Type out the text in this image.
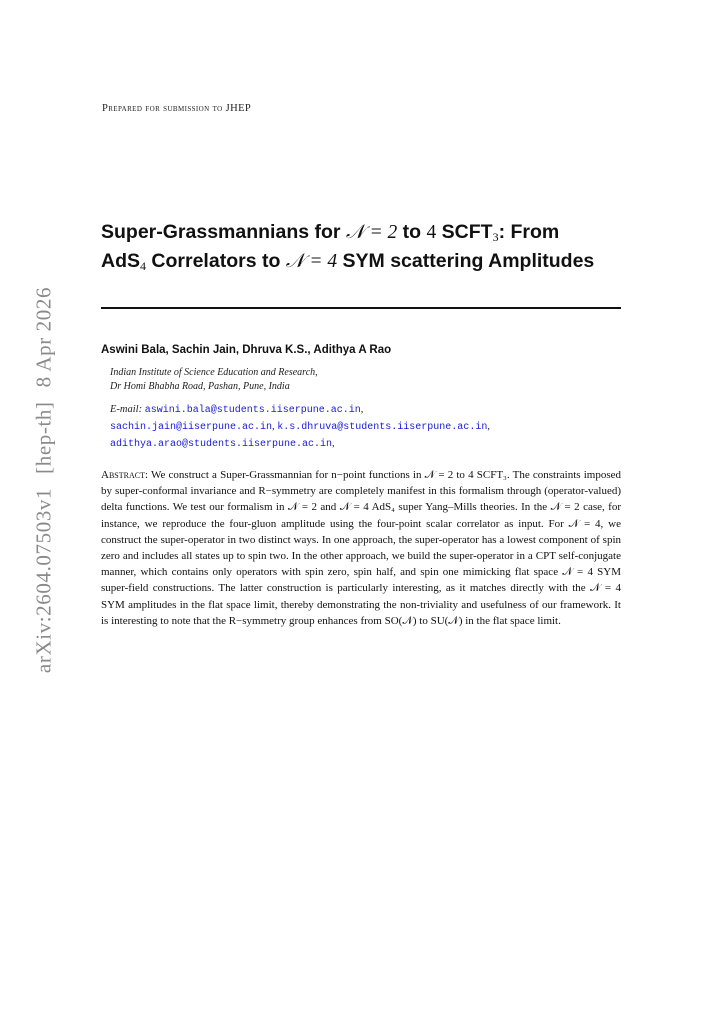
Prepared for submission to JHEP
Super-Grassmannians for 𝒩 = 2 to 4 $SCFT_3$: From
AdS$_4$ Correlators to 𝒩 = 4 SYM scattering Amplitudes
Aswini Bala, Sachin Jain, Dhruva K.S., Adithya A Rao
Indian Institute of Science Education and Research,
Dr Homi Bhabha Road, Pashan, Pune, India
E-mail: aswini.bala@students.iiserpune.ac.in,
sachin.jain@iiserpune.ac.in, k.s.dhruva@students.iiserpune.ac.in,
adithya.arao@students.iiserpune.ac.in,

Abstract: We construct a Super-Grassmannian for n−point functions in 𝒩 = 2 to 4 SCFT₃. The constraints imposed by super-conformal invariance and R−symmetry are completely manifest in this formalism through (operator-valued) delta functions. We test our formalism in 𝒩 = 2 and 𝒩 = 4 AdS₄ super Yang–Mills theories. In the 𝒩 = 2 case, for instance, we reproduce the four-gluon amplitude using the four-point scalar correlator as input. For 𝒩 = 4, we construct the super-operator in two distinct ways. In one approach, the super-operator has a lowest component of spin zero and includes all states up to spin two. In the other approach, we build the super-operator in a CPT self-conjugate manner, which contains only operators with spin zero, spin half, and spin one mimicking flat space 𝒩 = 4 SYM super-field constructions. The latter construction is particularly interesting, as it matches directly with the 𝒩 = 4 SYM amplitudes in the flat space limit, thereby demonstrating the non-triviality and usefulness of our framework. It is interesting to note that the R−symmetry group enhances from SO(𝒩) to SU(𝒩) in the flat space limit.

arXiv:2604.07503v1[hep-th]8 Apr 2026
